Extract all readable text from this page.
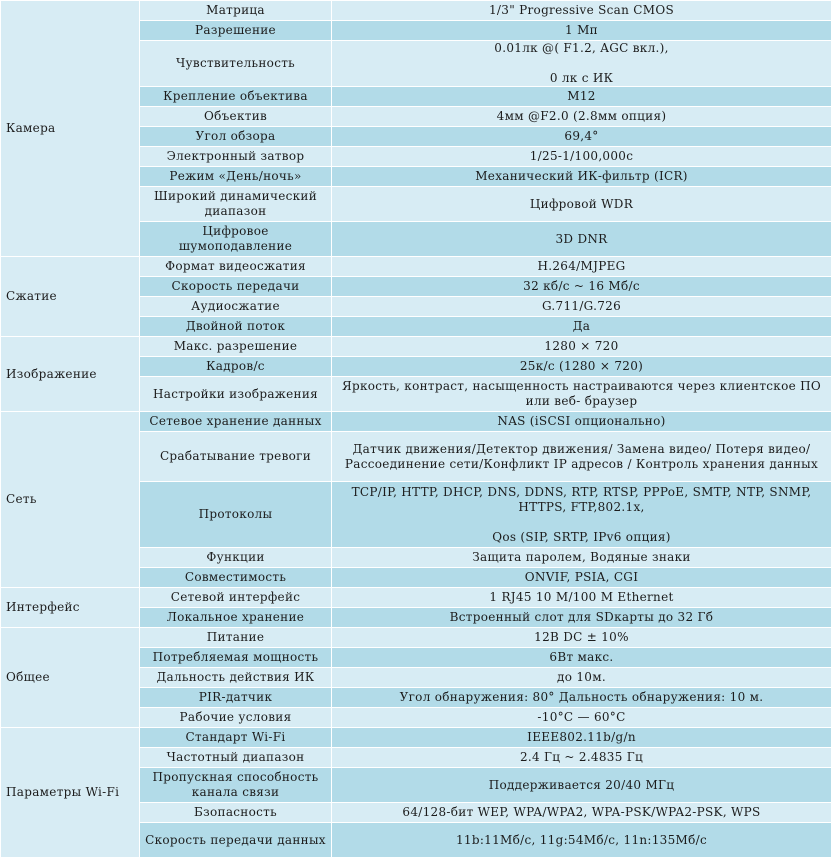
Камера	Матрица	1/3" Progressive Scan CMOS
	Разрешение	1 Мп
	Чувствительность	0.01лк @( F1.2, AGC вкл.),

0 лк с ИК
	Крепление объектива	M12
	Объектив	4мм @F2.0 (2.8мм опция)
	Угол обзора	69,4°
	Электронный затвор	1/25-1/100,000с
	Режим «День/ночь»	Механический ИК-фильтр (ICR)
	Широкий динамический диапазон	Цифровой WDR
	Цифровое шумоподавление	3D DNR
Сжатие	Формат видеосжатия	H.264/MJPEG
	Скорость передачи	32 кб/с ~ 16 Мб/с
	Аудиосжатие	G.711/G.726
	Двойной поток	Да
Изображение	Макс. разрешение	1280 × 720
	Кадров/с	25к/с (1280 × 720)
	Настройки изображения	Яркость, контраст, насыщенность настраиваются через клиентское ПО или веб- браузер
Сеть	Сетевое хранение данных	NAS (iSCSI опционально)
	Срабатывание тревоги	Датчик движения/Детектор движения/ Замена видео/ Потеря видео/ Рассоединение сети/Конфликт IP адресов / Контроль хранения данных
	Протоколы	TCP/IP, HTTP, DHCP, DNS, DDNS, RTP, RTSP, PPPoE, SMTP, NTP, SNMP, HTTPS, FTP,802.1x,

Qos (SIP, SRTP, IPv6 опция)
	Функции	Защита паролем, Водяные знаки
	Совместимость	ONVIF, PSIA, CGI
Интерфейс	Сетевой интерфейс	1 RJ45 10 M/100 M Ethernet
	Локальное хранение	Встроенный слот для SDкарты до 32 Гб
Общее	Питание	12В DC ± 10%
	Потребляемая мощность	6Вт макс.
	Дальность действия ИК	до 10м.
	PIR-датчик	Угол обнаружения: 80° Дальность обнаружения: 10 м.
	Рабочие условия	-10°C — 60°C
Параметры Wi-Fi	Стандарт Wi-Fi	IEEE802.11b/g/n
	Частотный диапазон	2.4 Гц ~ 2.4835 Гц
	Пропускная способность канала связи	Поддерживается 20/40 МГц
	Бзопасность	64/128-бит WEP, WPA/WPA2, WPA-PSK/WPA2-PSK, WPS
	Скорость передачи данных	11b:11Мб/с, 11g:54Мб/с, 11n:135Мб/с
